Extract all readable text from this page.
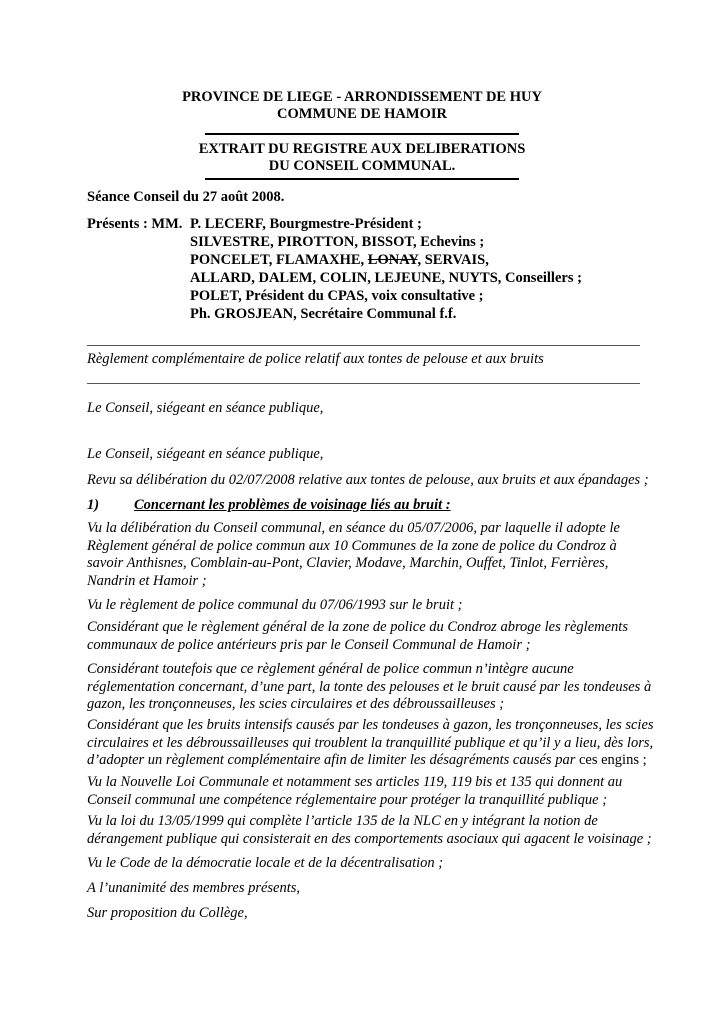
PROVINCE DE LIEGE - ARRONDISSEMENT DE HUY
COMMUNE DE HAMOIR
EXTRAIT DU REGISTRE AUX DELIBERATIONS
DU CONSEIL COMMUNAL.
Séance Conseil du 27 août 2008.
Présents : MM. P. LECERF, Bourgmestre-Président ;
SILVESTRE, PIROTTON, BISSOT, Echevins ;
PONCELET, FLAMAXHE, LONAY, SERVAIS,
ALLARD, DALEM, COLIN, LEJEUNE, NUYTS, Conseillers ;
POLET, Président du CPAS, voix consultative ;
Ph. GROSJEAN, Secrétaire Communal f.f.
Règlement complémentaire de police relatif aux tontes de pelouse et aux bruits
Le Conseil, siégeant en séance publique,
Le Conseil, siégeant en séance publique,
Revu sa délibération du 02/07/2008 relative aux tontes de pelouse, aux bruits et aux épandages ;
1) Concernant les problèmes de voisinage liés au bruit :
Vu la délibération du Conseil communal, en séance du 05/07/2006, par laquelle il adopte le
Règlement général de police commun aux 10 Communes de la zone de police du Condroz à
savoir Anthisnes, Comblain-au-Pont, Clavier, Modave, Marchin, Ouffet, Tinlot, Ferrières,
Nandrin et Hamoir ;
Vu le règlement de police communal du 07/06/1993 sur le bruit ;
Considérant que le règlement général de la zone de police du Condroz abroge les règlements
communaux de police antérieurs pris par le Conseil Communal de Hamoir ;
Considérant toutefois que ce règlement général de police commun n’intègre aucune
réglementation concernant, d’une part, la tonte des pelouses et le bruit causé par les tondeuses à
gazon, les tronçonneuses, les scies circulaires et des débroussailleuses ;
Considérant que les bruits intensifs causés par les tondeuses à gazon, les tronçonneuses, les scies
circulaires et les débroussailleuses qui troublent la tranquillité publique et qu’il y a lieu, dès lors,
d’adopter un règlement complémentaire afin de limiter les désagréments causés par ces engins ;
Vu la Nouvelle Loi Communale et notamment ses articles 119, 119 bis et 135 qui donnent au
Conseil communal une compétence réglementaire pour protéger la tranquillité publique ;
Vu la loi du 13/05/1999 qui complète l’article 135 de la NLC en y intégrant la notion de
dérangement publique qui consisterait en des comportements asociaux qui agacent le voisinage ;
Vu le Code de la démocratie locale et de la décentralisation ;
A l’unanimité des membres présents,
Sur proposition du Collège,
